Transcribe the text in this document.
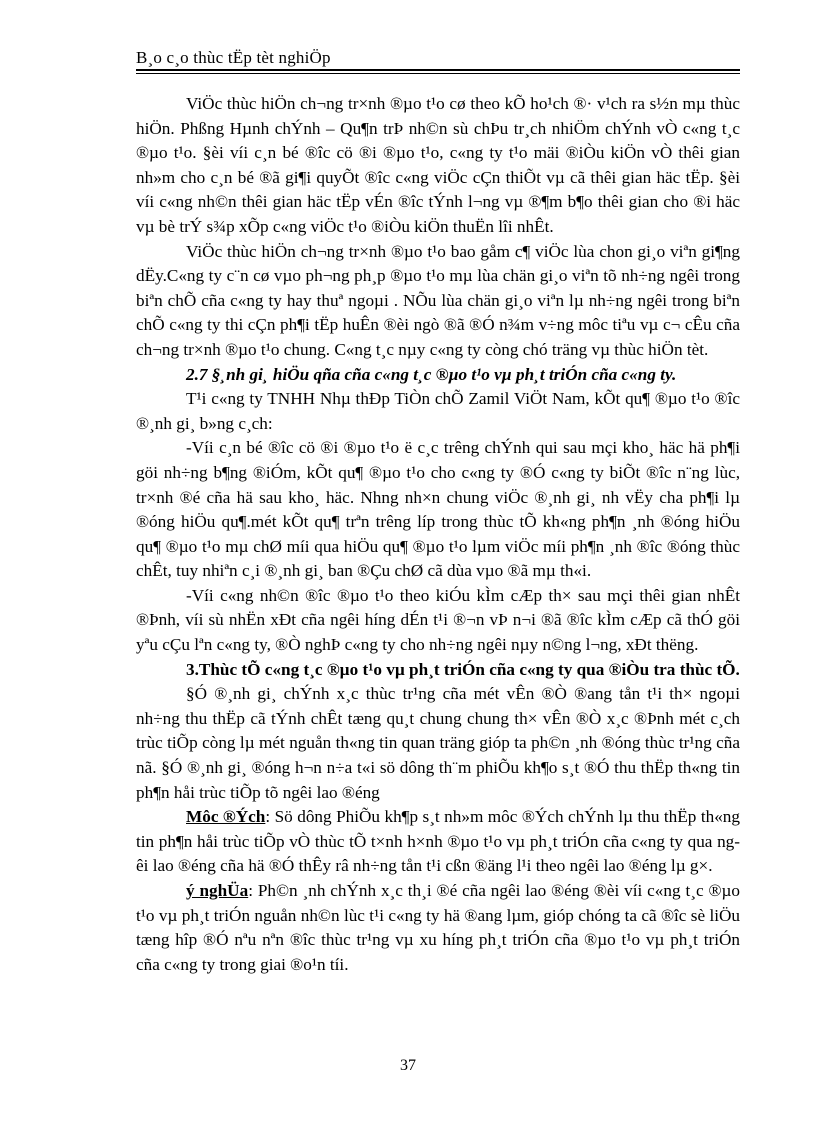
B¸o c¸o thùc tËp tèt nghiÖp

ViÖc thùc hiÖn ch¬ng tr×nh ®µo t¹o cø theo kÕ ho¹ch ®· v¹ch ra s½n mµ thùc hiÖn. Phßng Hµnh chÝnh – Qu¶n trÞ nh©n sù chÞu tr¸ch nhiÖm chÝnh vÒ c«ng t¸c ®µo t¹o. §èi víi c¸n bé ®îc cö ®i ®µo t¹o, c«ng ty t¹o mäi ®iÒu kiÖn vÒ thêi gian nh»m cho c¸n bé ®ã gi¶i quyÕt ®îc c«ng viÖc cÇn thiÕt vµ cã thêi gian häc tËp. §èi víi c«ng nh©n thêi gian häc tËp vÉn ®îc tÝnh l¬ng vµ ®¶m b¶o thêi gian cho ®i häc vµ bè trÝ s¾p xÕp c«ng viÖc t¹o ®iÒu kiÖn thuËn lîi nhÊt.

ViÖc thùc hiÖn ch¬ng tr×nh ®µo t¹o bao gåm c¶ viÖc lùa chon gi¸o viªn gi¶ng dËy.C«ng ty c¨n cø vµo ph¬ng ph¸p ®µo t¹o mµ lùa chän gi¸o viªn tõ nh÷ng ngêi trong biªn chÕ cña c«ng ty hay thuª ngoµi . NÕu lùa chän gi¸o viªn lµ nh÷ng ngêi trong biªn chÕ c«ng ty thi cÇn ph¶i tËp huÊn ®èi ngò ®ã ®Ó n¾m v÷ng môc tiªu vµ c¬ cÊu cña ch¬ng tr×nh ®µo t¹o chung. C«ng t¸c nµy c«ng ty còng chó träng vµ thùc hiÖn tèt.

2.7 §¸nh gi¸ hiÖu qña cña c«ng t¸c ®µo t¹o vµ ph¸t triÓn cña c«ng ty.

T¹i c«ng ty TNHH Nhµ thÐp TiÒn chÕ Zamil ViÖt Nam, kÕt qu¶ ®µo t¹o ®îc ®¸nh gi¸ b»ng c¸ch:

-Víi c¸n bé ®îc cö ®i ®µo t¹o ë c¸c trêng chÝnh qui sau mçi kho¸ häc hä ph¶i göi nh÷ng b¶ng ®iÓm, kÕt qu¶ ®µo t¹o cho c«ng ty ®Ó c«ng ty biÕt ®îc n¨ng lùc, tr×nh ®é cña hä sau kho¸ häc. Nhng nh×n chung viÖc ®¸nh gi¸ nh vËy cha ph¶i lµ ®óng hiÖu qu¶.mét kÕt qu¶ trªn trêng líp trong thùc tÕ kh«ng ph¶n ¸nh ®óng hiÖu qu¶ ®µo t¹o mµ chØ míi qua hiÖu qu¶ ®µo t¹o lµm viÖc míi ph¶n ¸nh ®îc ®óng thùc chÊt, tuy nhiªn c¸i ®¸nh gi¸ ban ®Çu chØ cã dùa vµo ®ã mµ th«i.

-Víi c«ng nh©n ®îc ®µo t¹o theo kiÓu kÌm cÆp th× sau mçi thêi gian nhÊt ®Þnh, víi sù nhËn xÐt cña ngêi híng dÉn t¹i ®¬n vÞ n¬i ®ã ®îc kÌm cÆp cã thÓ göi yªu cÇu lªn c«ng ty, ®Ò nghÞ c«ng ty cho nh÷ng ngêi nµy n©ng l¬ng, xÐt thëng.

3.Thùc tÕ c«ng t¸c ®µo t¹o vµ ph¸t triÓn cña c«ng ty qua ®iÒu tra thùc tÕ.

§Ó ®¸nh gi¸ chÝnh x¸c thùc tr¹ng cña mét vÊn ®Ò ®ang tån t¹i th× ngoµi nh÷ng thu thËp cã tÝnh chÊt tæng qu¸t chung chung th× vÊn ®Ò x¸c ®Þnh mét c¸ch trùc tiÕp còng lµ mét nguån th«ng tin quan träng gióp ta ph©n ¸nh ®óng thùc tr¹ng cña nã. §Ó ®¸nh gi¸ ®óng h¬n n÷a t«i sö dông th¨m phiÕu kh¶o s¸t ®Ó thu thËp th«ng tin ph¶n håi trùc tiÕp tõ ngêi lao ®éng

Môc ®Ých: Sö dông PhiÕu kh¶p s¸t nh»m môc ®Ých chÝnh lµ thu thËp th«ng tin ph¶n håi trùc tiÕp vÒ thùc tÕ t×nh h×nh ®µo t¹o vµ ph¸t triÓn cña c«ng ty qua ngêi lao ®éng cña hä ®Ó thÊy râ nh÷ng tån t¹i cßn ®äng l¹i theo ngêi lao ®éng lµ g×.

ý nghÜa: Ph©n ¸nh chÝnh x¸c th¸i ®é cña ngêi lao ®éng ®èi víi c«ng t¸c ®µo t¹o vµ ph¸t triÓn nguån nh©n lùc t¹i c«ng ty hä ®ang lµm, gióp chóng ta cã ®îc sè liÖu tæng hîp ®Ó nªu nªn ®îc thùc tr¹ng vµ xu híng ph¸t triÓn cña ®µo t¹o vµ ph¸t triÓn cña c«ng ty trong giai ®o¹n tíi.

37
